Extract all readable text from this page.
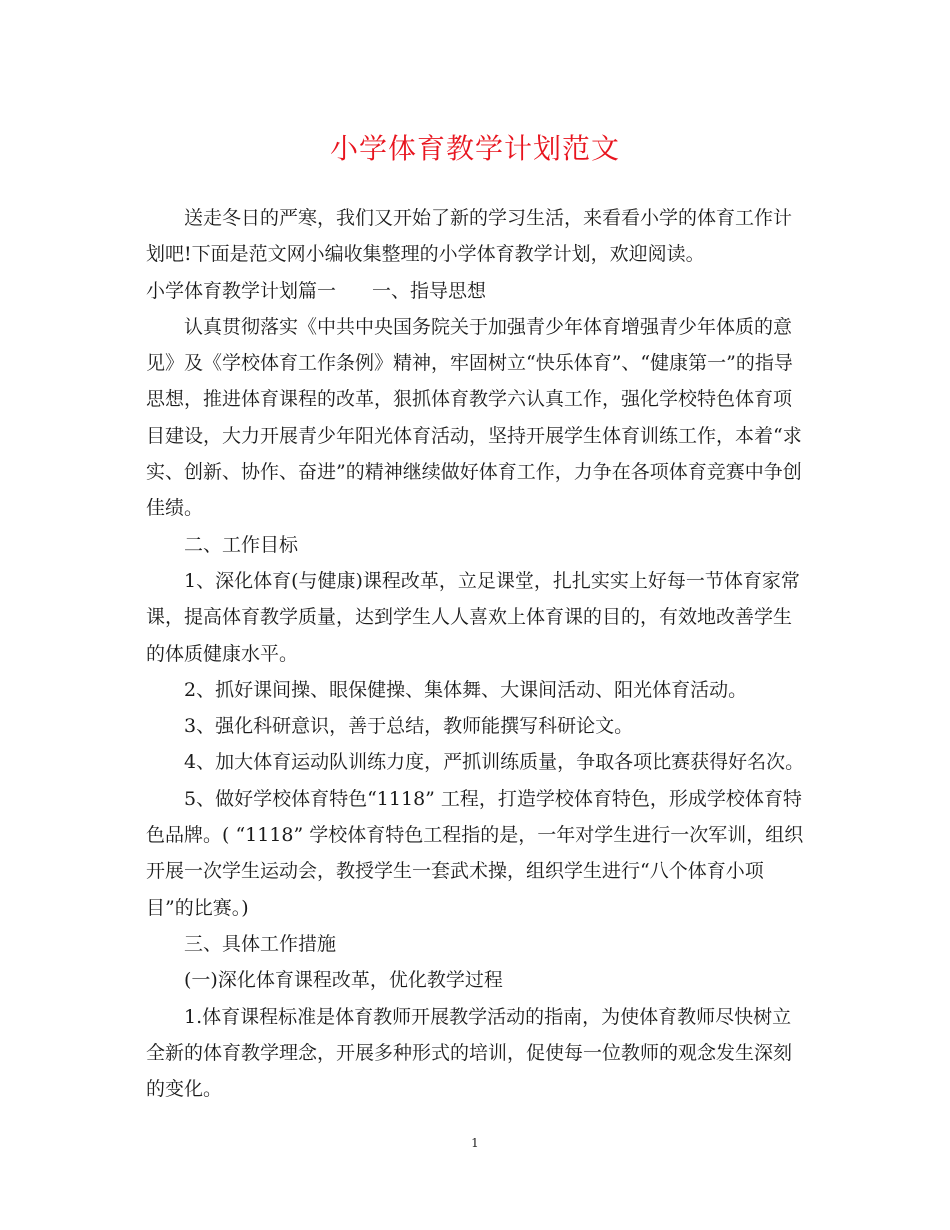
小学体育教学计划范文

送走冬日的严寒，我们又开始了新的学习生活，来看看小学的体育工作计划吧!下面是范文网小编收集整理的小学体育教学计划，欢迎阅读。

小学体育教学计划篇一 一、指导思想

认真贯彻落实《中共中央国务院关于加强青少年体育增强青少年体质的意见》及《学校体育工作条例》精神，牢固树立“快乐体育”、“健康第一”的指导思想，推进体育课程的改革，狠抓体育教学六认真工作，强化学校特色体育项目建设，大力开展青少年阳光体育活动，坚持开展学生体育训练工作，本着“求实、创新、协作、奋进”的精神继续做好体育工作，力争在各项体育竞赛中争创佳绩。

二、工作目标

1、深化体育(与健康)课程改革，立足课堂，扎扎实实上好每一节体育家常课，提高体育教学质量，达到学生人人喜欢上体育课的目的，有效地改善学生的体质健康水平。

2、抓好课间操、眼保健操、集体舞、大课间活动、阳光体育活动。

3、强化科研意识，善于总结，教师能撰写科研论文。

4、加大体育运动队训练力度，严抓训练质量，争取各项比赛获得好名次。

5、做好学校体育特色“1118” 工程，打造学校体育特色，形成学校体育特色品牌。( “1118” 学校体育特色工程指的是，一年对学生进行一次军训，组织开展一次学生运动会，教授学生一套武术操，组织学生进行“八个体育小项目”的比赛。)

三、具体工作措施

(一)深化体育课程改革，优化教学过程

1.体育课程标准是体育教师开展教学活动的指南，为使体育教师尽快树立全新的体育教学理念，开展多种形式的培训，促使每一位教师的观念发生深刻的变化。

1
